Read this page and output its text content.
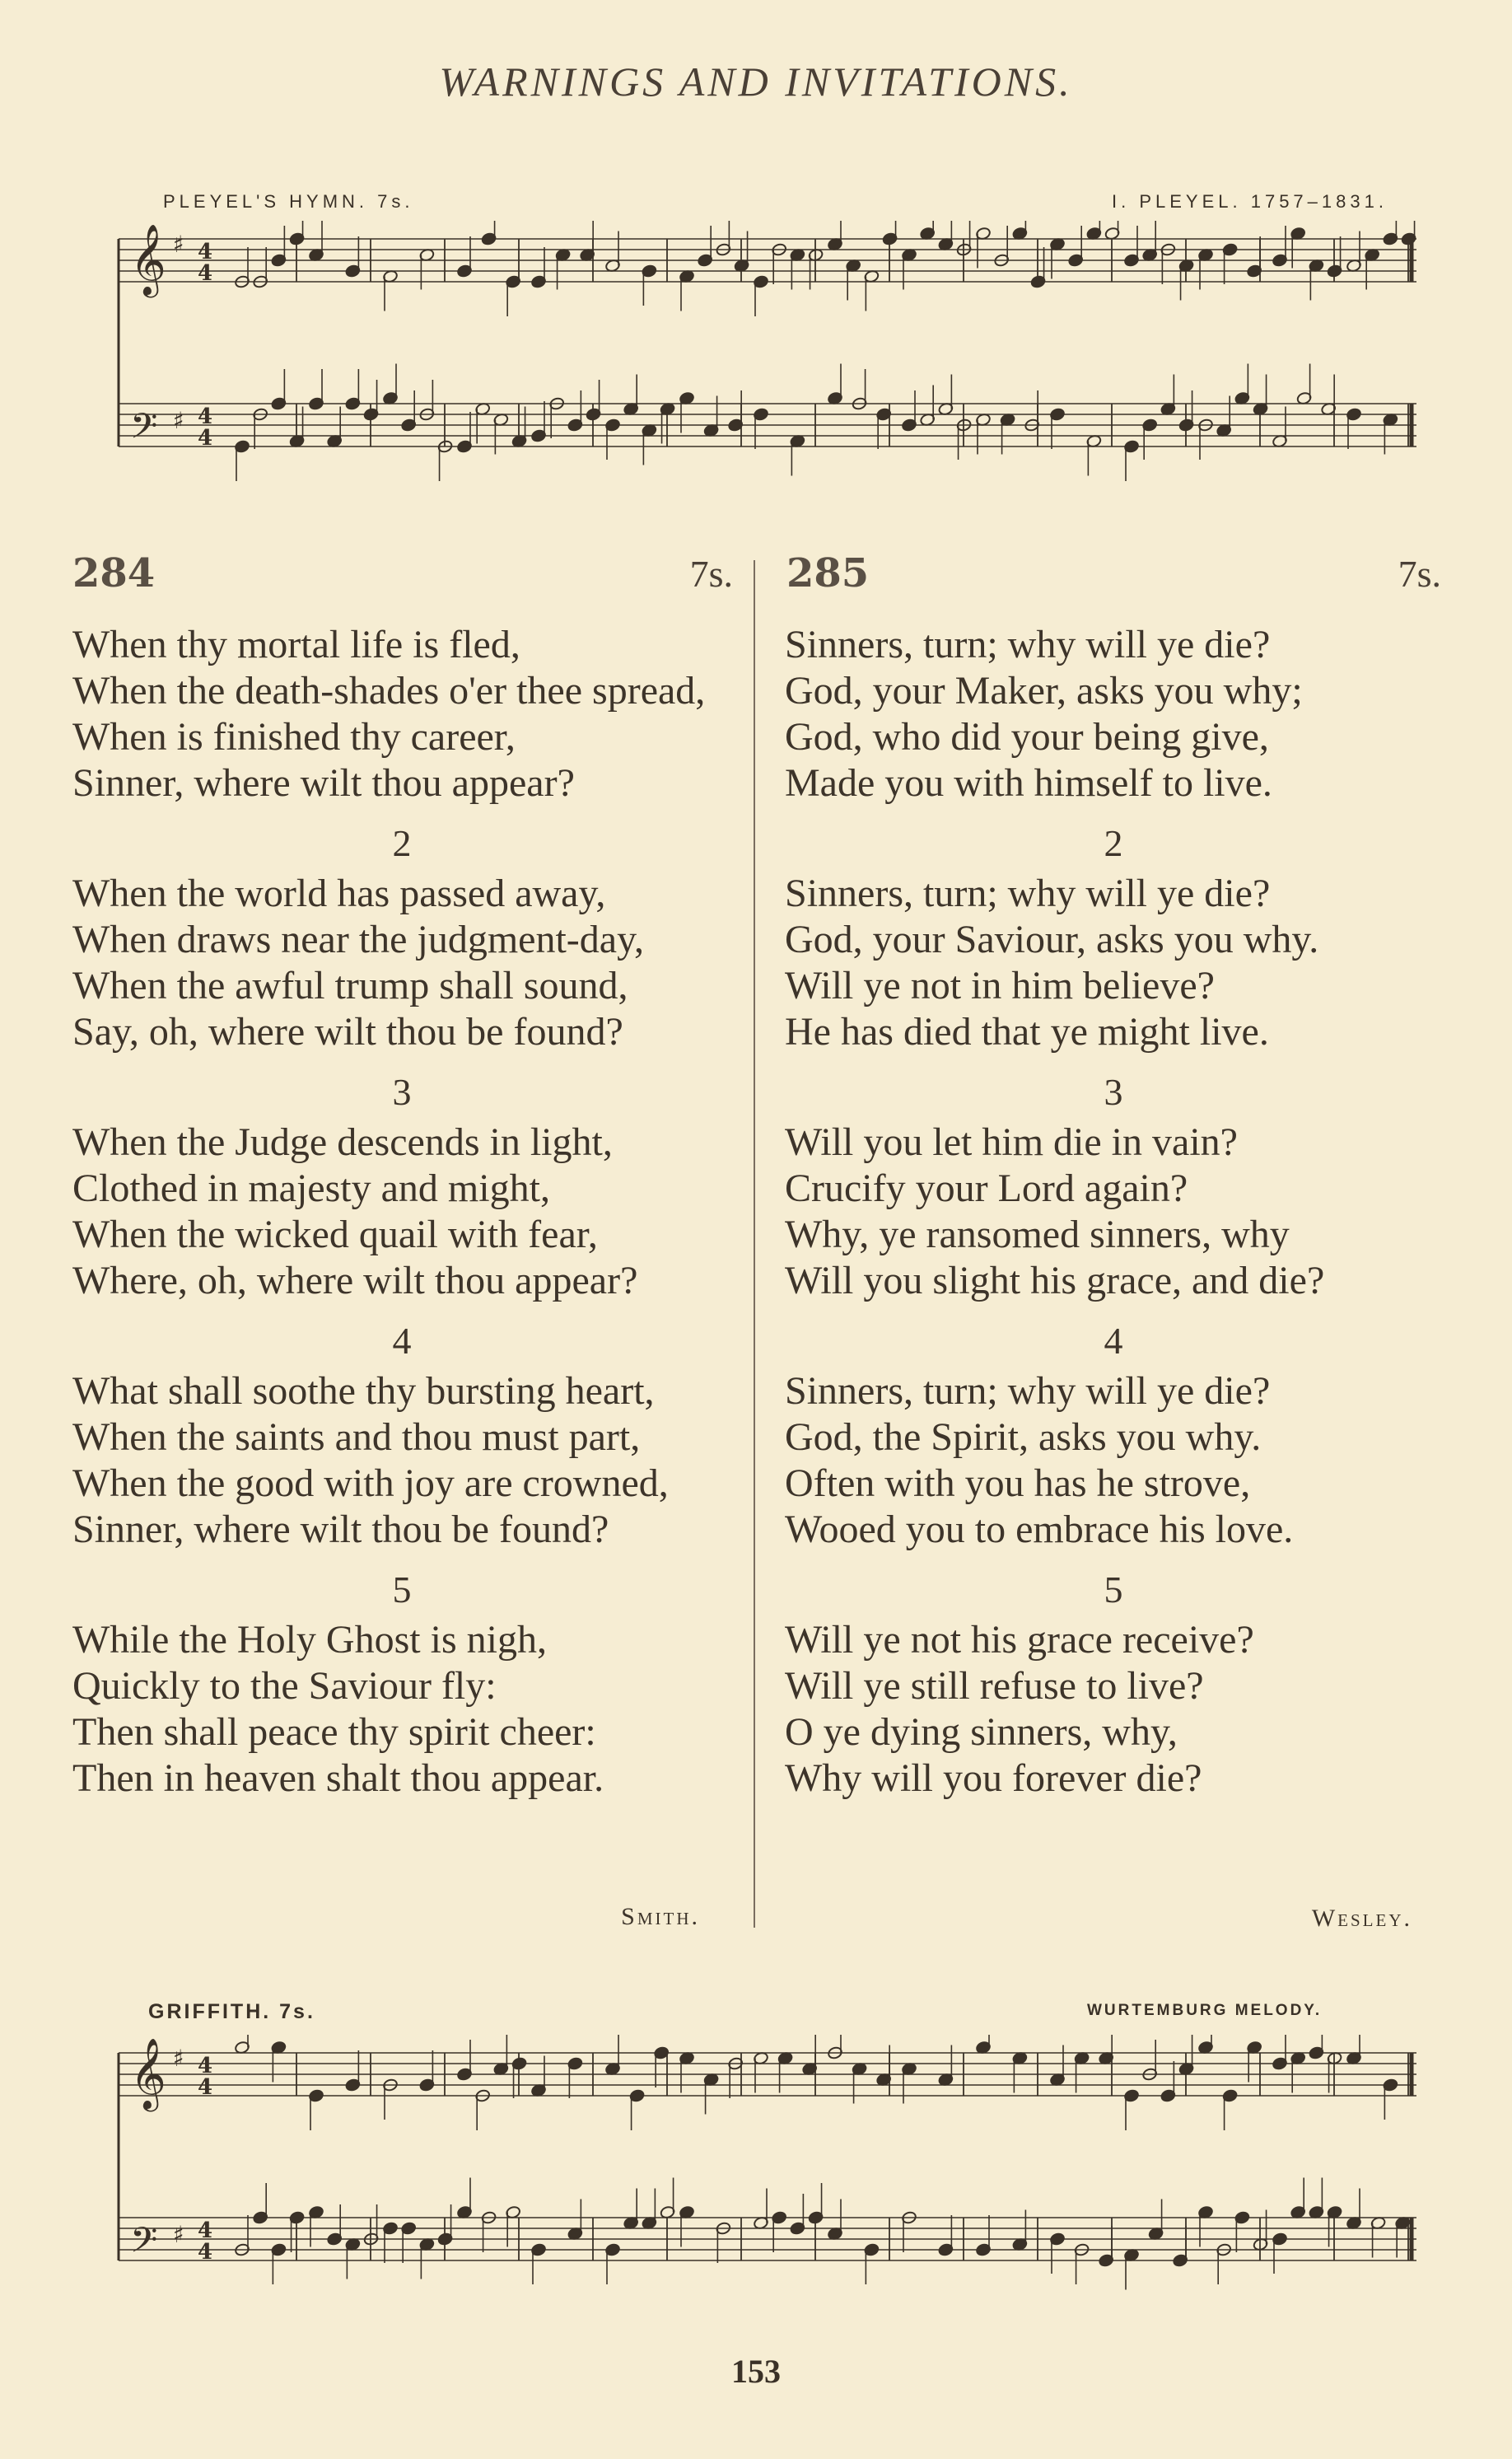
WARNINGS AND INVITATIONS.
PLEYEL'S HYMN. 7s.	I. PLEYEL. 1757–1831.
𝄞 ♯ 4
4
𝄢 ♯ 4
4
284	7s. 285	7s.
When thy mortal life is fled,
When the death-shades o'er thee spread,
When is finished thy career,
Sinner, where wilt thou appear?
2
When the world has passed away,
When draws near the judgment-day,
When the awful trump shall sound,
Say, oh, where wilt thou be found?
3
When the Judge descends in light,
Clothed in majesty and might,
When the wicked quail with fear,
Where, oh, where wilt thou appear?
4
What shall soothe thy bursting heart,
When the saints and thou must part,
When the good with joy are crowned,
Sinner, where wilt thou be found?
5
While the Holy Ghost is nigh,
Quickly to the Saviour fly:
Then shall peace thy spirit cheer:
Then in heaven shalt thou appear.
Sinners, turn; why will ye die?
God, your Maker, asks you why;
God, who did your being give,
Made you with himself to live.
2
Sinners, turn; why will ye die?
God, your Saviour, asks you why.
Will ye not in him believe?
He has died that ye might live.
3
Will you let him die in vain?
Crucify your Lord again?
Why, ye ransomed sinners, why
Will you slight his grace, and die?
4
Sinners, turn; why will ye die?
God, the Spirit, asks you why.
Often with you has he strove,
Wooed you to embrace his love.
5
Will ye not his grace receive?
Will ye still refuse to live?
O ye dying sinners, why,
Why will you forever die?
Smith.	Wesley.
GRIFFITH. 7s.	WURTEMBURG MELODY.
𝄞 ♯ 4
4
𝄢 ♯ 4
4
153
